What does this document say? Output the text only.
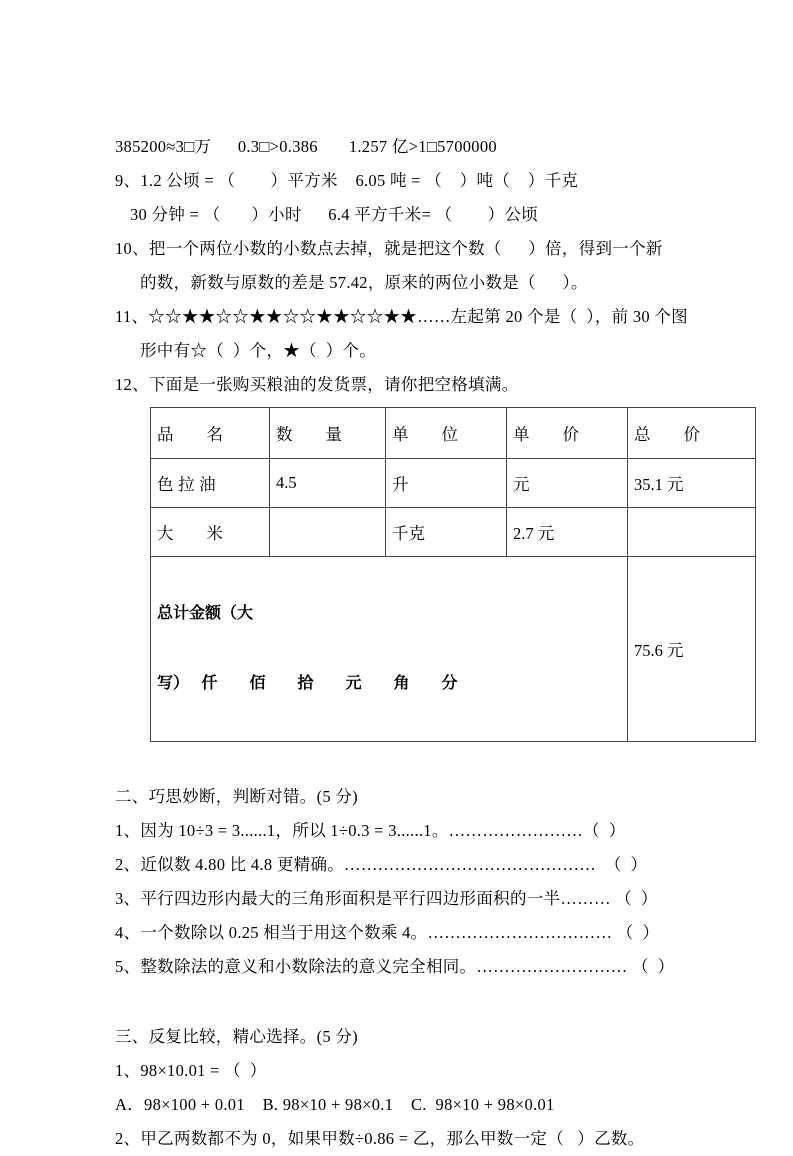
385200≈3□万      0.3□>0.386       1.257 亿>1□5700000
9、1.2 公顷 = （        ）平方米    6.05 吨 = （    ）吨（    ）千克
30 分钟 = （       ）小时      6.4 平方千米= （        ）公顷
10、把一个两位小数的小数点去掉，就是把这个数（      ）倍，得到一个新
的数，新数与原数的差是 57.42，原来的两位小数是（      ）。
11、☆☆★★☆☆★★☆☆★★☆☆★★……左起第 20 个是（  ），前 30 个图
形中有☆（  ）个，★（  ）个。
12、下面是一张购买粮油的发货票，请你把空格填满。
品　　名	数　　量	单　　位	单　　价	总　　价
色 拉 油	4.5	升	元	35.1 元
大　　米		千克	2.7 元	

总计金额（大

写）　 仟　　佰　　拾　　元　　角　　分				75.6 元
二、巧思妙断，判断对错。(5 分)
1、因为 10÷3 = 3......1，所以 1÷0.3 = 3......1。……………………（  ）
2、近似数 4.80 比 4.8 更精确。………………………………………  （  ）
3、平行四边形内最大的三角形面积是平行四边形面积的一半……… （  ）
4、一个数除以 0.25 相当于用这个数乘 4。…………………………… （  ）
5、整数除法的意义和小数除法的意义完全相同。……………………… （  ）
三、反复比较，精心选择。(5 分)
1、98×10.01 = （  ）
A．98×100 + 0.01    B. 98×10 + 98×0.1    C.  98×10 + 98×0.01
2、甲乙两数都不为 0，如果甲数÷0.86 = 乙，那么甲数一定（   ）乙数。
